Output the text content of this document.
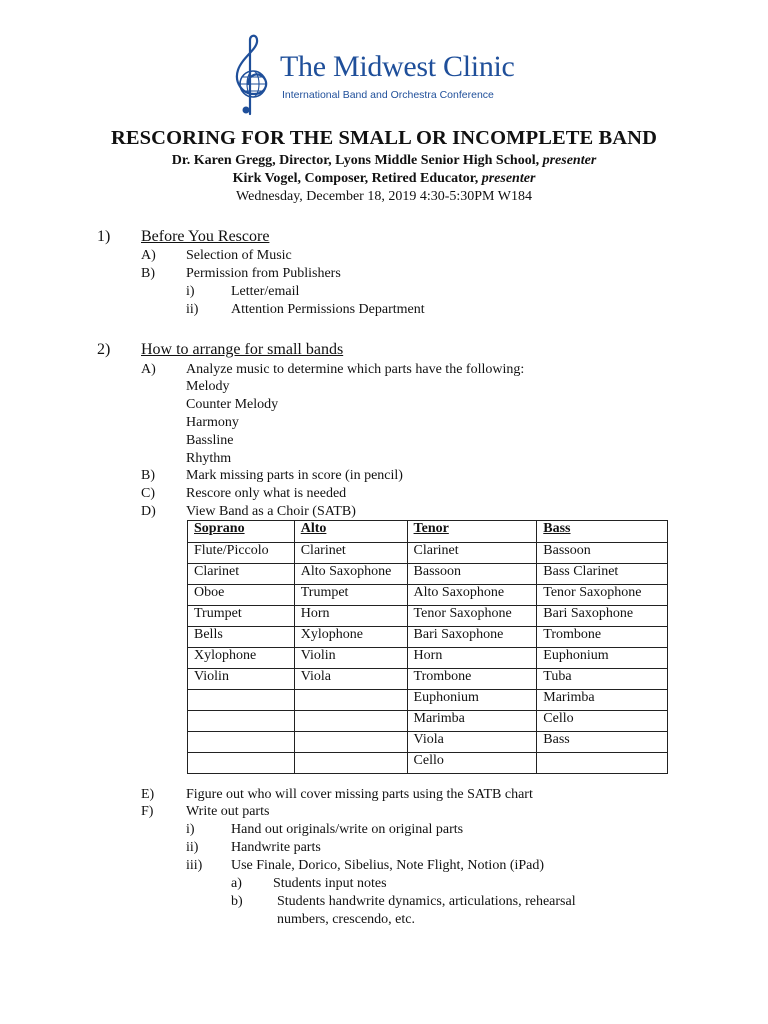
The Midwest Clinic
International Band and Orchestra Conference
RESCORING FOR THE SMALL OR INCOMPLETE BAND
Dr. Karen Gregg, Director, Lyons Middle Senior High School, presenter
Kirk Vogel, Composer, Retired Educator, presenter
Wednesday, December 18, 2019 4:30-5:30PM W184
1) Before You Rescore
A) Selection of Music
B) Permission from Publishers
i)	Letter/email
ii) Attention Permissions Department
2) How to arrange for small bands
A) Analyze music to determine which parts have the following:
Melody
Counter Melody
Harmony
Bassline
Rhythm
B) Mark missing parts in score (in pencil)
C) Rescore only what is needed
D) View Band as a Choir (SATB)
Soprano	Alto	Tenor	Bass
Flute/Piccolo	Clarinet	Clarinet	Bassoon
Clarinet	Alto Saxophone	Bassoon	Bass Clarinet
Oboe	Trumpet	Alto Saxophone	Tenor Saxophone
Trumpet	Horn	Tenor Saxophone	Bari Saxophone
Bells	Xylophone	Bari Saxophone	Trombone
Xylophone	Violin	Horn	Euphonium
Violin	Viola	Trombone	Tuba
		Euphonium	Marimba
		Marimba	Cello
		Viola	Bass
		Cello	
E) Figure out who will cover missing parts using the SATB chart
F) Write out parts
i)	Hand out originals/write on original parts
ii) Handwrite parts
iii) Use Finale, Dorico, Sibelius, Note Flight, Notion (iPad)
a) Students input notes
b) Students handwrite dynamics, articulations, rehearsal
numbers, crescendo, etc.
